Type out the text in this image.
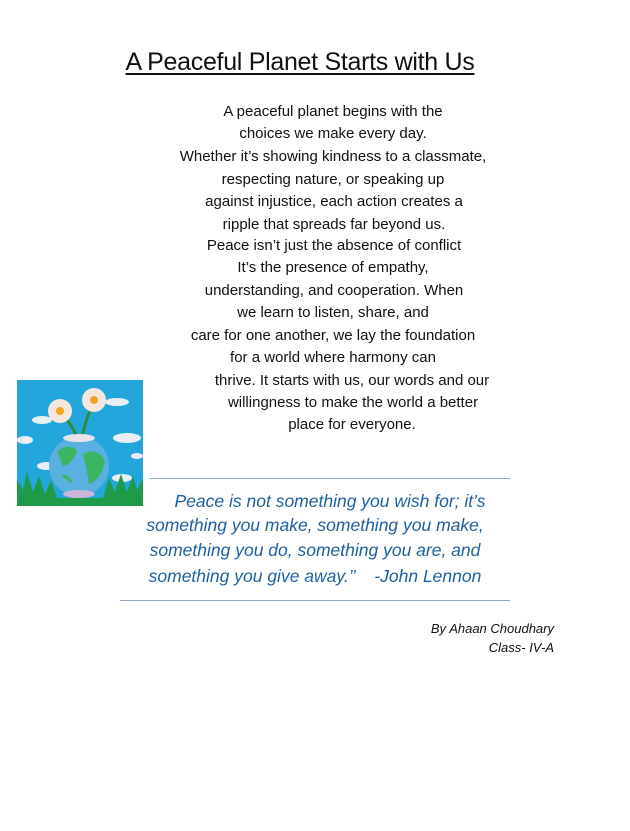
A Peaceful Planet Starts with Us
A peaceful planet begins with the
choices we make every day.
Whether it’s showing kindness to a classmate,
respecting nature, or speaking up
against injustice, each action creates a
ripple that spreads far beyond us.
Peace isn’t just the absence of conflict
It’s the presence of empathy,
understanding, and cooperation. When
we learn to listen, share, and
care for one another, we lay the foundation
for a world where harmony can
thrive. It starts with us, our words and our
willingness to make the world a better
place for everyone.
Peace is not something you wish for; it’s
something you make, something you make,
something you do, something you are, and
something you give away.’’    -John Lennon
By Ahaan Choudhary
Class- IV-A
